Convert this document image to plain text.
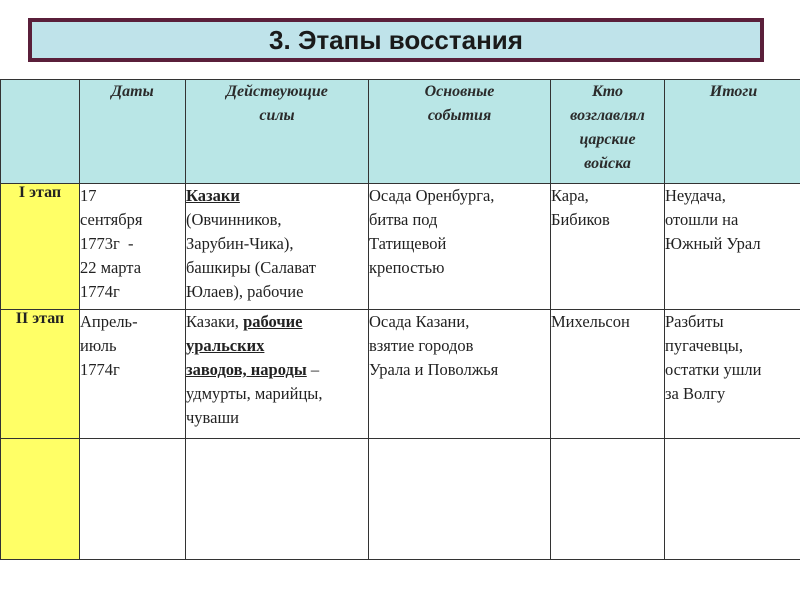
3. Этапы восстания
	Даты	Действующие
силы	Основные
события	Кто
возглавлял
царские
войска	Итоги
I этап	17
сентября
1773г  -
22 марта
1774г	Казаки
(Овчинников,
Зарубин-Чика),
башкиры (Салават
Юлаев), рабочие	Осада Оренбурга,
битва под
Татищевой
крепостью	Кара,
Бибиков	Неудача,
отошли на
Южный Урал
II этап	Апрель-
июль
1774г	Казаки, рабочие
уральских
заводов, народы –
удмурты, марийцы,
чуваши	Осада Казани,
взятие городов
Урала и Поволжья	Михельсон	Разбиты
пугачевцы,
остатки ушли
за Волгу
